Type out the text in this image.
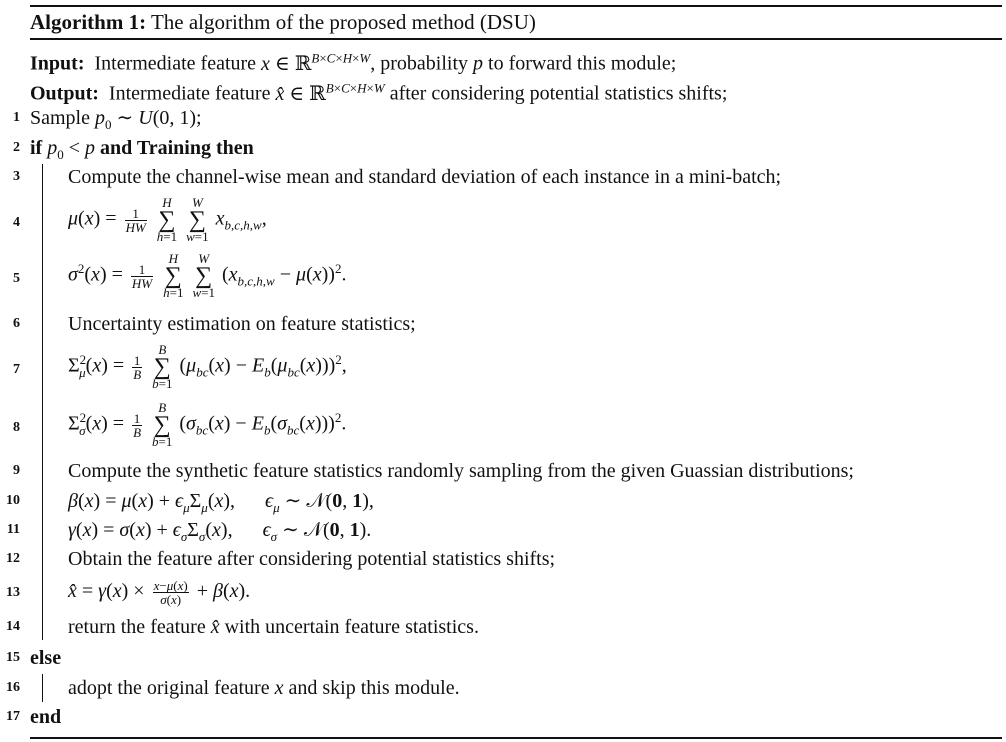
Algorithm 1: The algorithm of the proposed method (DSU)
Input: Intermediate feature x ∈ ℝ$^{B\times C\times H\times W}$, probability p to forward this module;
Output: Intermediate feature x̂ ∈ ℝ$^{B\times C\times H\times W}$ after considering potential statistics shifts;
1 Sample $p_0$ ∼ U(0, 1);
2 if $p_0 < p$ and Training then
3 Compute the channel-wise mean and standard deviation of each instance in a mini-batch;
4 $\mu(x) = \frac{1}{HW}$

H
∑
h=1

W
∑
w=1
$x_{b,c,h,w}$,
5 $\sigma^2(x) = \frac{1}{HW}$

H
∑
h=1

W
∑
w=1
$(x_{b,c,h,w} - \mu(x))^2$.
6 Uncertainty estimation on feature statistics;
7 $\Sigma^2_\mu(x) = \frac{1}{B}$

B
∑
b=1
$(\mu_{bc}(x) - E_b(\mu_{bc}(x)))^2$,
8 $\Sigma^2_\sigma(x) = \frac{1}{B}$

B
∑
b=1
$(\sigma_{bc}(x) - E_b(\sigma_{bc}(x)))^2$.
9 Compute the synthetic feature statistics randomly sampling from the given Guassian distributions;
10 $\beta(x) = \mu(x) + \epsilon_\mu\Sigma_\mu(x)$,      $\epsilon_\mu$ ∼ 𝒩(0, 1),
11 $\gamma(x) = \sigma(x) + \epsilon_\sigma\Sigma_\sigma(x)$,      $\epsilon_\sigma$ ∼ 𝒩(0, 1).
12 Obtain the feature after considering potential statistics shifts;
13 x̂ = $\gamma(x) \times \frac{x-\mu(x)}{\sigma(x)} + \beta(x)$.
14 return the feature x̂ with uncertain feature statistics.
15 else
16 adopt the original feature x and skip this module.
17 end
